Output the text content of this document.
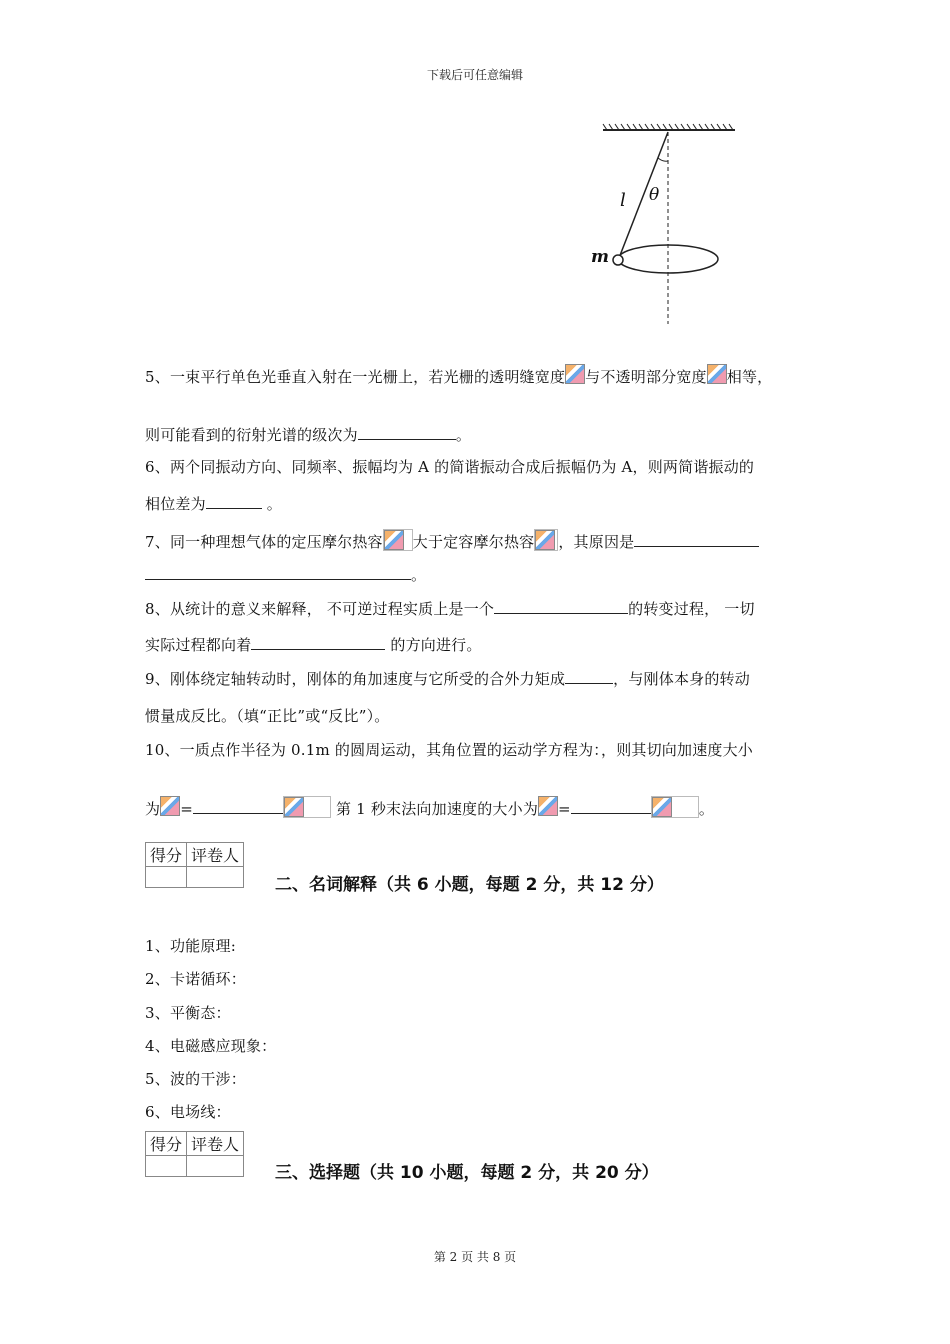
下载后可任意编辑
l θ
m
5、一束平行单色光垂直入射在一光栅上，若光栅的透明缝宽度 与不透明部分宽度 相等，
则可能看到的衍射光谱的级次为	。
6、两个同振动方向、同频率、振幅均为 A 的简谐振动合成后振幅仍为 A，则两简谐振动的
相位差为	。
7、同一种理想气体的定压摩尔热容 大于定容摩尔热容 ，其原因是
。
8、从统计的意义来解释， 不可逆过程实质上是一个	的转变过程， 一切
实际过程都向着	的方向进行。
9、刚体绕定轴转动时，刚体的角加速度与它所受的合外力矩成	，与刚体本身的转动
惯量成反比。（填“正比”或“反比”）。
10、一质点作半径为 0.1m 的圆周运动，其角位置的运动学方程为：，则其切向加速度大小
为 =	第 1 秒末法向加速度的大小为 =	。
得分	评卷人

二、名词解释（共 6 小题，每题 2 分，共 12 分）
1、功能原理:
2、卡诺循环：
3、平衡态：
4、电磁感应现象：
5、波的干涉：
6、电场线：
得分	评卷人

三、选择题（共 10 小题，每题 2 分，共 20 分）
第 2 页 共 8 页
